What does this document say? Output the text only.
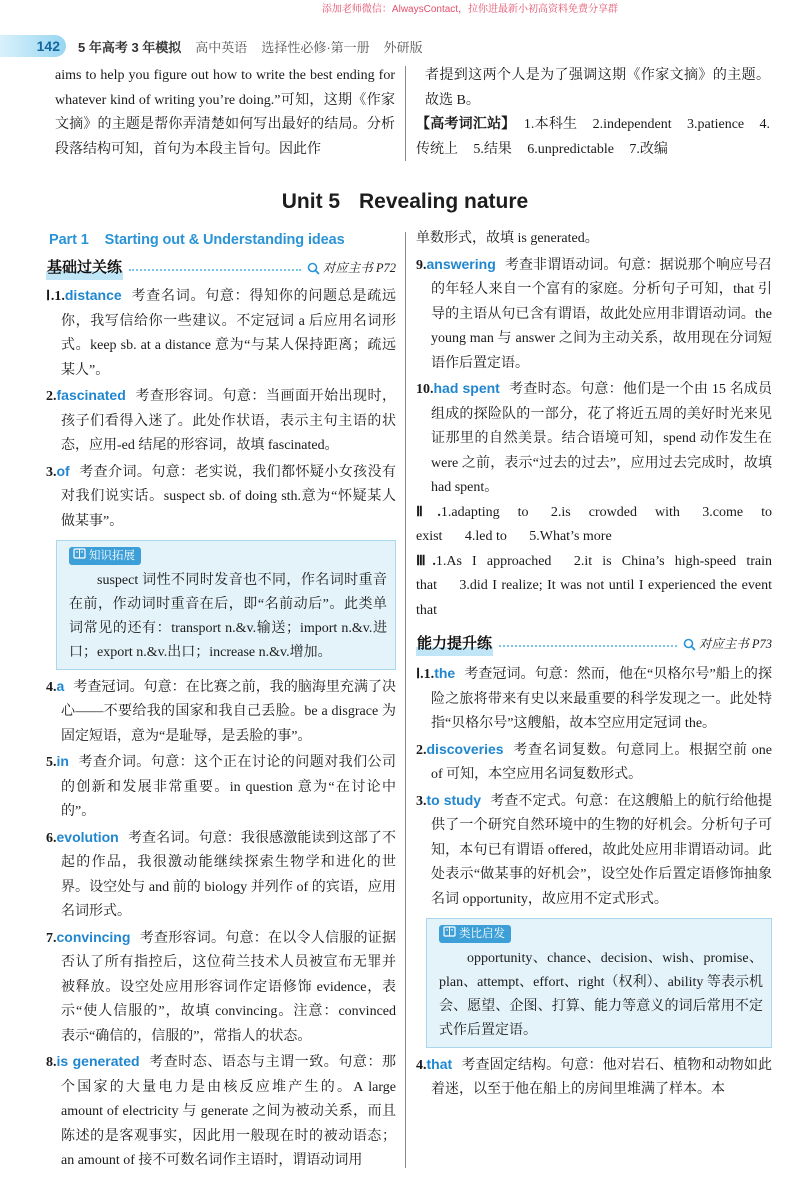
添加老师微信：AlwaysContact，拉你进最新小初高资料免费分享群
142	5 年高考 3 年模拟 高中英语 选择性必修·第一册 外研版

aims to help you figure out how to write the best ending for whatever kind of writing you’re doing.”可知，这期《作家文摘》的主题是帮你弄清楚如何写出最好的结局。分析段落结构可知，首句为本段主旨句。因此作

者提到这两个人是为了强调这期《作家文摘》的主题。故选 B。

【高考词汇站】 1.本科生 2.independent 3.patience 4.传统上 5.结果 6.unpredictable 7.改编

Unit 5 Revealing nature
Part 1 Starting out & Understanding ideas
基础过关练	对应主书 P72

Ⅰ.1.distance 考查名词。句意：得知你的问题总是疏远你，我写信给你一些建议。不定冠词 a 后应用名词形式。keep sb. at a distance 意为“与某人保持距离；疏远某人”。

2.fascinated 考查形容词。句意：当画面开始出现时，孩子们看得入迷了。此处作状语，表示主句主语的状态，应用-ed 结尾的形容词，故填 fascinated。

3.of 考查介词。句意：老实说，我们都怀疑小女孩没有对我们说实话。suspect sb. of doing sth.意为“怀疑某人做某事”。

知识拓展

suspect 词性不同时发音也不同，作名词时重音在前，作动词时重音在后，即“名前动后”。此类单词常见的还有：transport n.&v.输送；import n.&v.进口；export n.&v.出口；increase n.&v.增加。

4.a 考查冠词。句意：在比赛之前，我的脑海里充满了决心——不要给我的国家和我自己丢脸。be a disgrace 为固定短语，意为“是耻辱，是丢脸的事”。

5.in 考查介词。句意：这个正在讨论的问题对我们公司的创新和发展非常重要。in question 意为“在讨论中的”。

6.evolution 考查名词。句意：我很感激能读到这部了不起的作品，我很激动能继续探索生物学和进化的世界。设空处与 and 前的 biology 并列作 of 的宾语，应用名词形式。

7.convincing 考查形容词。句意：在以令人信服的证据否认了所有指控后，这位荷兰技术人员被宣布无罪并被释放。设空处应用形容词作定语修饰 evidence，表示“使人信服的”，故填 convincing。注意：convinced 表示“确信的，信服的”，常指人的状态。

8.is generated 考查时态、语态与主谓一致。句意：那个国家的大量电力是由核反应堆产生的。A large amount of electricity 与 generate 之间为被动关系，而且陈述的是客观事实，因此用一般现在时的被动语态；an amount of 接不可数名词作主语时，谓语动词用

单数形式，故填 is generated。

9.answering 考查非谓语动词。句意：据说那个响应号召的年轻人来自一个富有的家庭。分析句子可知，that 引导的主语从句已含有谓语，故此处应用非谓语动词。the young man 与 answer 之间为主动关系，故用现在分词短语作后置定语。

10.had spent 考查时态。句意：他们是一个由 15 名成员组成的探险队的一部分，花了将近五周的美好时光来见证那里的自然美景。结合语境可知，spend 动作发生在 were 之前，表示“过去的过去”，应用过去完成时，故填 had spent。

Ⅱ.1.adapting to 2.is crowded with 3.come to exist 4.led to 5.What’s more

Ⅲ.1.As I approached 2.it is China’s high-speed train that 3.did I realize; It was not until I experienced the event that

能力提升练	对应主书 P73

Ⅰ.1.the 考查冠词。句意：然而，他在“贝格尔号”船上的探险之旅将带来有史以来最重要的科学发现之一。此处特指“贝格尔号”这艘船，故本空应用定冠词 the。

2.discoveries 考查名词复数。句意同上。根据空前 one of 可知，本空应用名词复数形式。

3.to study 考查不定式。句意：在这艘船上的航行给他提供了一个研究自然环境中的生物的好机会。分析句子可知，本句已有谓语 offered，故此处应用非谓语动词。此处表示“做某事的好机会”，设空处作后置定语修饰抽象名词 opportunity，故应用不定式形式。

类比启发

opportunity、chance、decision、wish、promise、plan、attempt、effort、right（权利）、ability 等表示机会、愿望、企图、打算、能力等意义的词后常用不定式作后置定语。

4.that 考查固定结构。句意：他对岩石、植物和动物如此着迷，以至于他在船上的房间里堆满了样本。本
